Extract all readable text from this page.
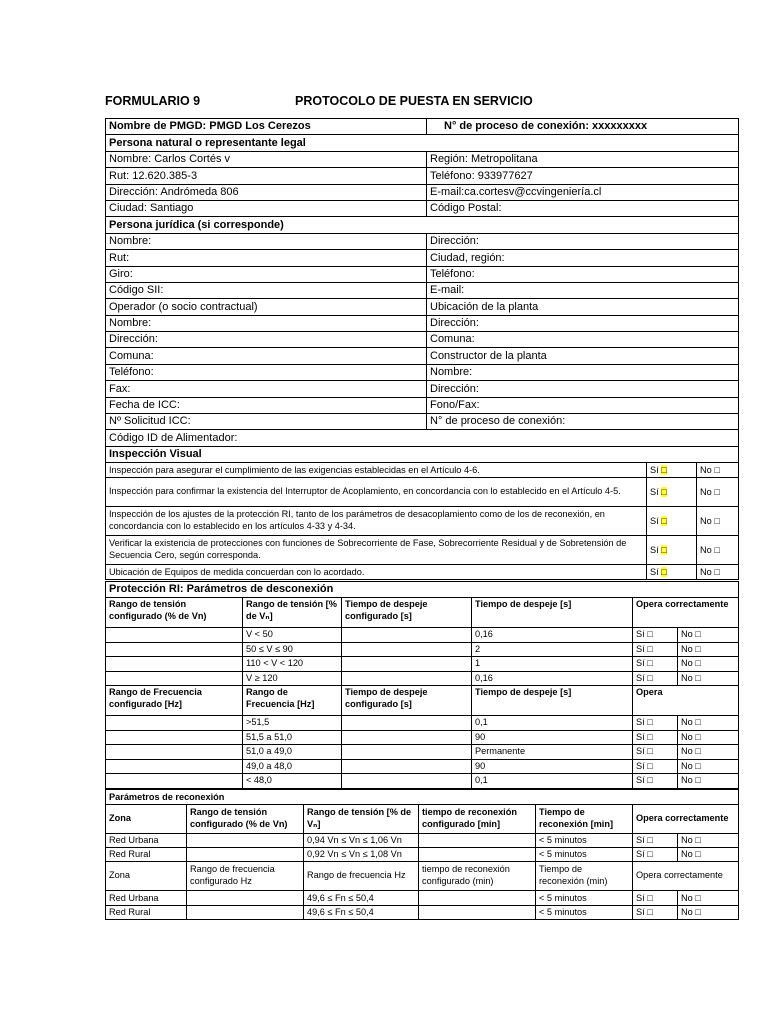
FORMULARIO 9	PROTOCOLO DE PUESTA EN SERVICIO
Nombre de PMGD: PMGD Los Cerezos	N° de proceso de conexión: xxxxxxxxx
Persona natural o representante legal	
Nombre: Carlos Cortés v	Región: Metropolitana
Rut: 12.620.385-3	Teléfono: 933977627
Dirección: Andrómeda 806	E-mail:ca.cortesv@ccvingeniería.cl
Ciudad: Santiago	Código Postal:
Persona jurídica (si corresponde)	
Nombre:	Dirección:
Rut:	Ciudad, región:
Giro:	Teléfono:
Código SII:	E-mail:
Operador (o socio contractual)	Ubicación de la planta
Nombre:	Dirección:
Dirección:	Comuna:
Comuna:	Constructor de la planta
Teléfono:	Nombre:
Fax:	Dirección:
Fecha de ICC:	Fono/Fax:
Nº Solicitud ICC:	N° de proceso de conexión:
Código ID de Alimentador:	
Inspección Visual		
Inspección para asegurar el cumplimiento de las exigencias establecidas en el Artículo 4-6.	Sí □	No □
Inspección para confirmar la existencia del Interruptor de Acoplamiento, en concordancia con lo establecido en el Artículo 4-5.	Sí □	No □
Inspección de los ajustes de la protección RI, tanto de los parámetros de desacoplamiento como de los de reconexión, en concordancia con lo establecido en los artículos 4-33 y 4-34.	Sí □	No □
Verificar la existencia de protecciones con funciones de Sobrecorriente de Fase, Sobrecorriente Residual y de Sobretensión de Secuencia Cero, según corresponda.	Sí □	No □
Ubicación de Equipos de medida concuerdan con lo acordado.	Sí □	No □
Protección RI: Parámetros de desconexión					
Rango de tensión configurado (% de Vn)	Rango de tensión [% de Vₙ]	Tiempo de despeje configurado [s]	Tiempo de despeje [s]	Opera correctamente	
	V < 50		0,16	Sí □	No □
	50 ≤ V ≤ 90		2	Sí □	No □
	110 < V < 120		1	Sí □	No □
	V ≥ 120		0,16	Sí □	No □
Rango de Frecuencia configurado [Hz]	Rango de Frecuencia [Hz]	Tiempo de despeje configurado [s]	Tiempo de despeje [s]	Opera	
	>51,5		0,1	Sí □	No □
	51,5 a 51,0		90	Sí □	No □
	51,0 a 49,0		Permanente	Sí □	No □
	49,0 a 48,0		90	Sí □	No □
	< 48,0		0,1	Sí □	No □
Parámetros de reconexión						
Zona	Rango de tensión configurado (% de Vn)	Rango de tensión [% de Vₙ]	tiempo de reconexión configurado [min]	Tiempo de reconexión [min]	Opera correctamente	
Red Urbana		0,94 Vn ≤ Vn ≤ 1,06 Vn		< 5 minutos	Sí □	No □
Red Rural		0,92 Vn ≤ Vn ≤ 1,08 Vn		< 5 minutos	Sí □	No □
Zona	Rango de frecuencia configurado Hz	Rango de frecuencia Hz	tiempo de reconexión configurado (min)	Tiempo de reconexión (min)	Opera correctamente	
Red Urbana		49,6 ≤ Fn ≤ 50,4		< 5 minutos	Sí □	No □
Red Rural		49,6 ≤ Fn ≤ 50,4		< 5 minutos	Sí □	No □
